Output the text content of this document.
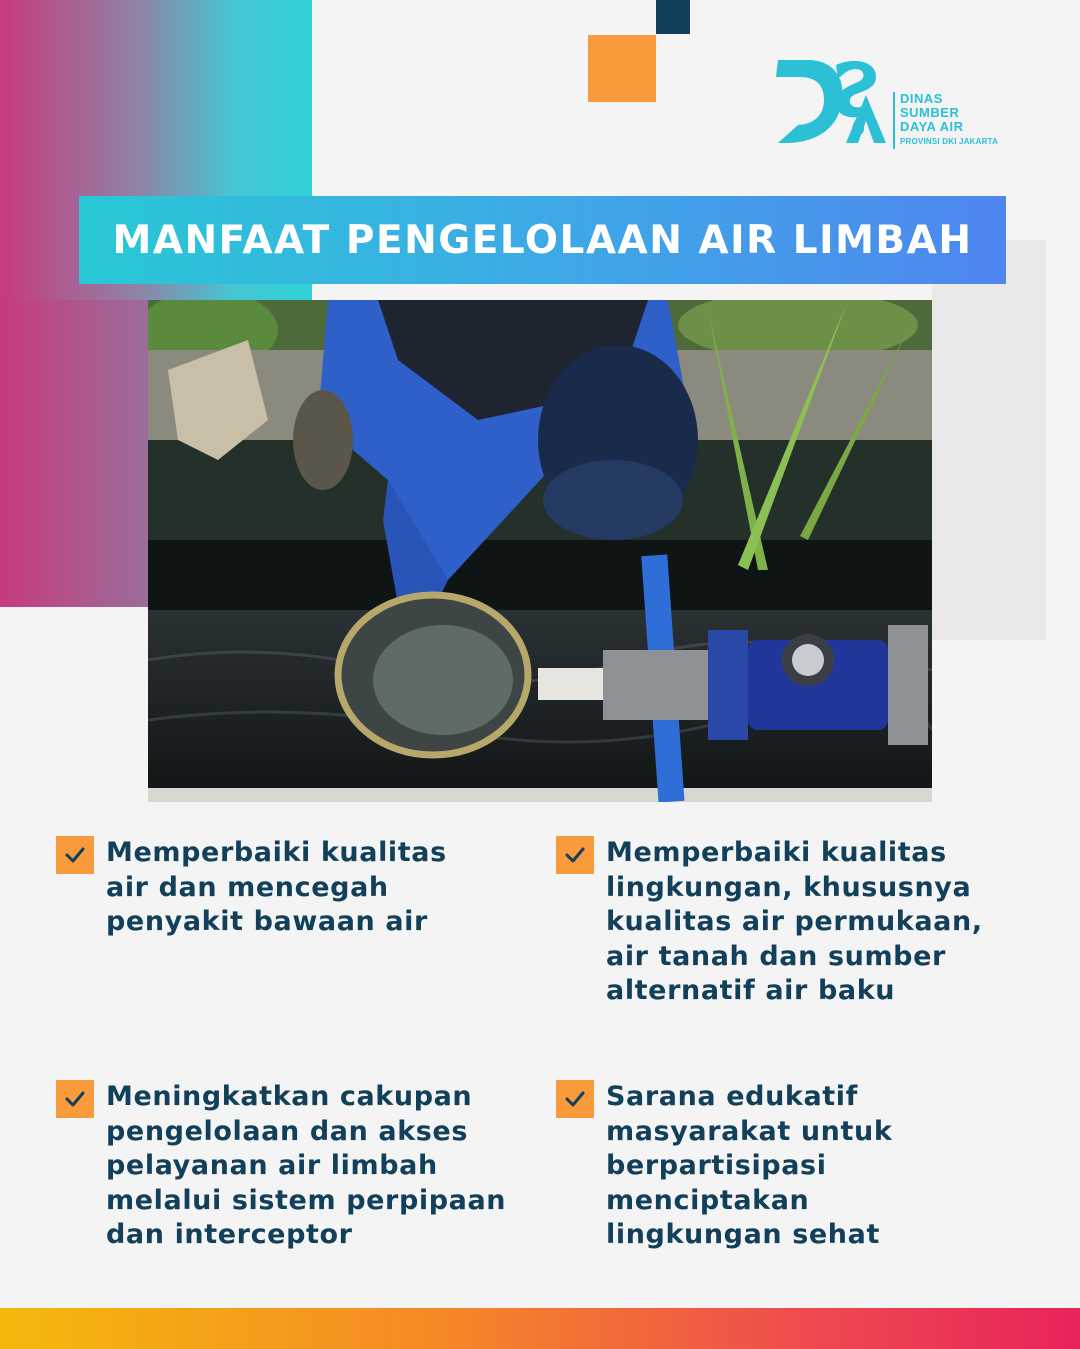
DINAS
SUMBER
DAYA AIR
PROVINSI DKI JAKARTA
MANFAAT PENGELOLAAN AIR LIMBAH
Memperbaiki kualitas air dan mencegah penyakit bawaan air
Memperbaiki kualitas lingkungan, khususnya kualitas air permukaan, air tanah dan sumber alternatif air baku
Meningkatkan cakupan pengelolaan dan akses pelayanan air limbah melalui sistem perpipaan dan interceptor
Sarana edukatif masyarakat untuk berpartisipasi menciptakan lingkungan sehat
